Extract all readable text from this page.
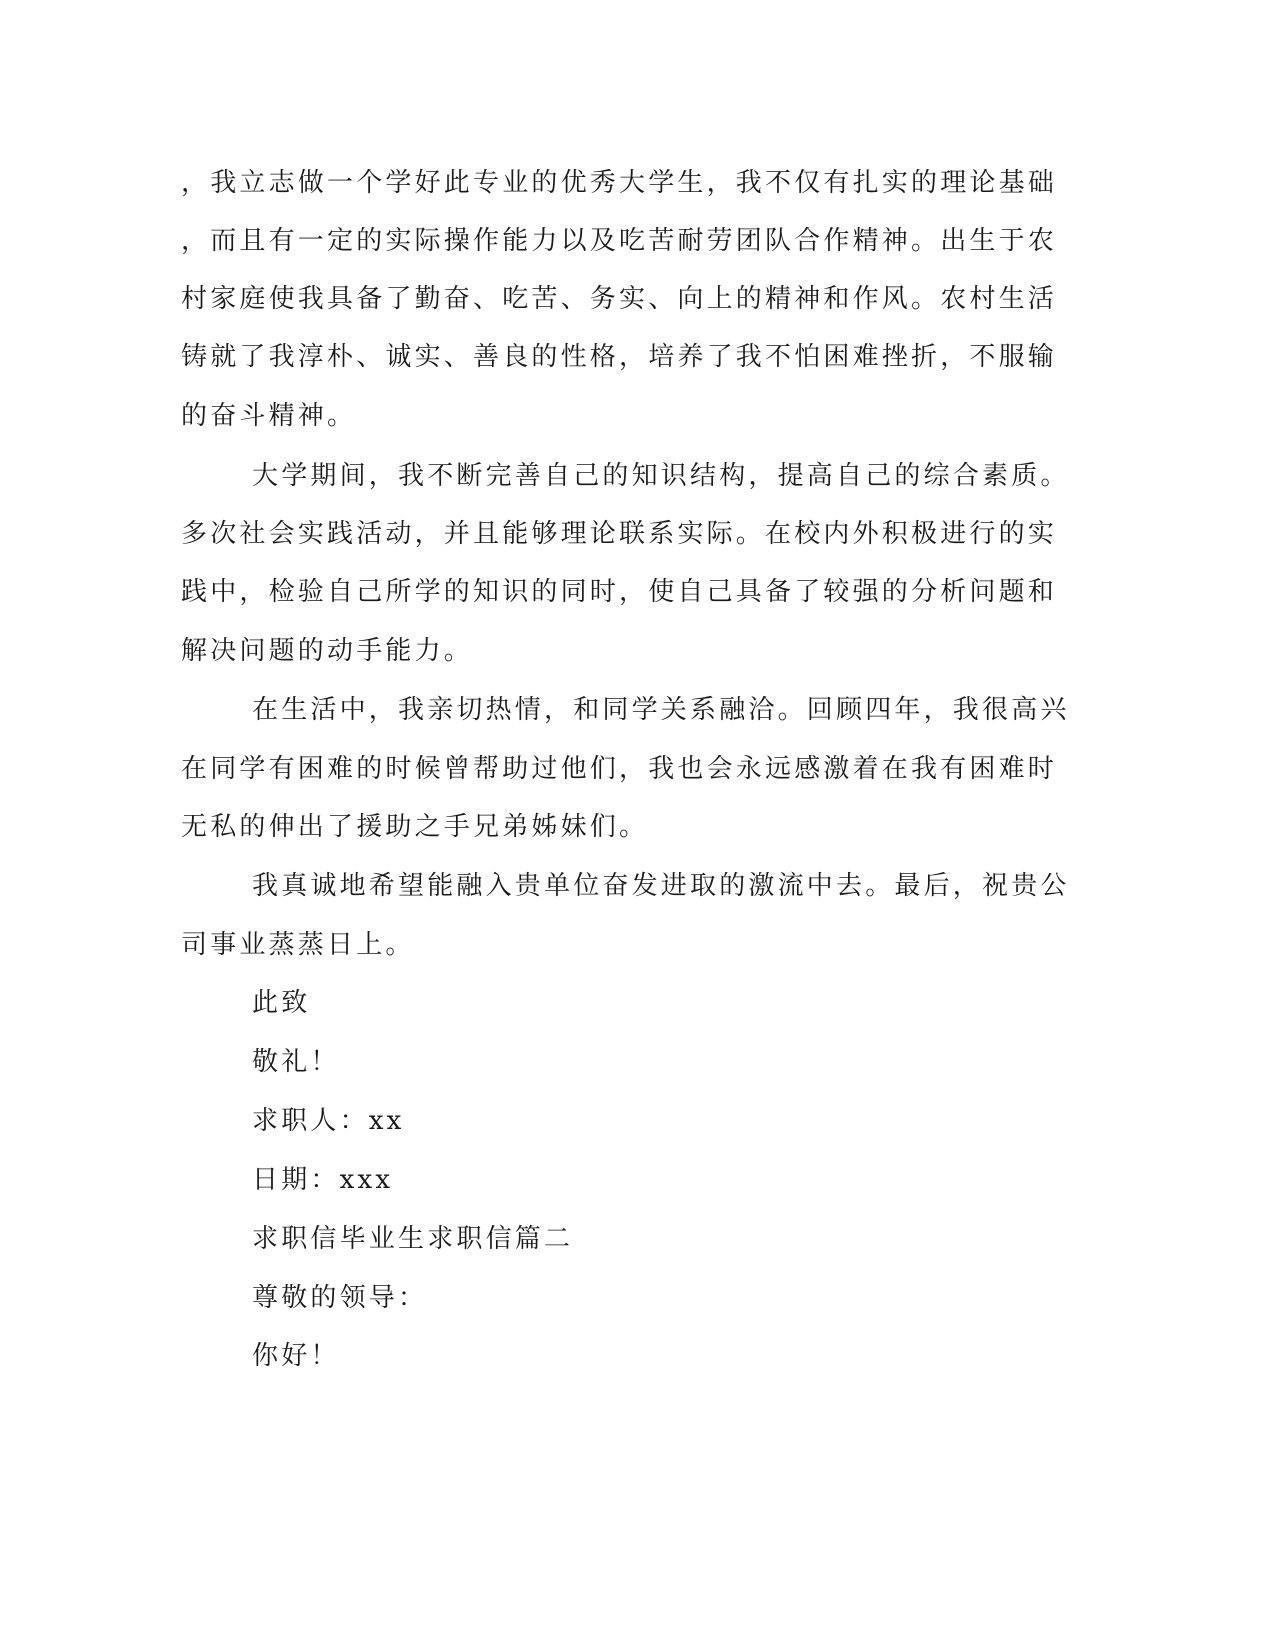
，我立志做一个学好此专业的优秀大学生，我不仅有扎实的理论基础
，而且有一定的实际操作能力以及吃苦耐劳团队合作精神。出生于农
村家庭使我具备了勤奋、吃苦、务实、向上的精神和作风。农村生活
铸就了我淳朴、诚实、善良的性格，培养了我不怕困难挫折，不服输
的奋斗精神。
大学期间，我不断完善自己的知识结构，提高自己的综合素质。
多次社会实践活动，并且能够理论联系实际。在校内外积极进行的实
践中，检验自己所学的知识的同时，使自己具备了较强的分析问题和
解决问题的动手能力。
在生活中，我亲切热情，和同学关系融洽。回顾四年，我很高兴
在同学有困难的时候曾帮助过他们，我也会永远感激着在我有困难时
无私的伸出了援助之手兄弟姊妹们。
我真诚地希望能融入贵单位奋发进取的激流中去。最后，祝贵公
司事业蒸蒸日上。
此致
敬礼！
求职人：xx
日期：xxx
求职信毕业生求职信篇二
尊敬的领导：
你好！
